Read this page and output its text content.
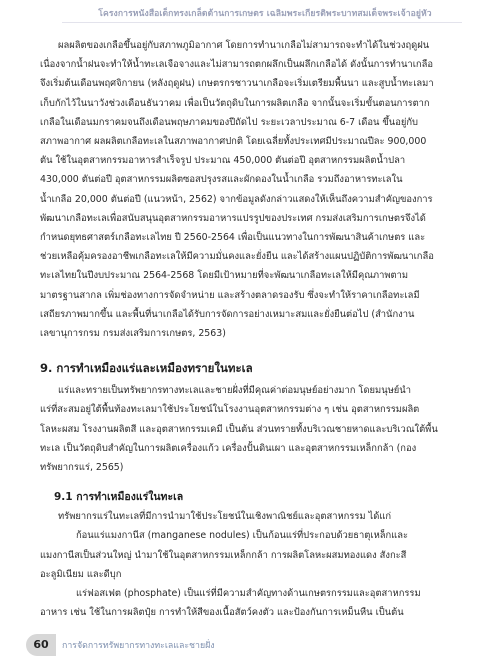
โครงการหนังสือเด็กทรงเกล็ดด้านการเกษตร เฉลิมพระเกียรติพระบาทสมเด็จพระเจ้าอยู่หัว

ผลผลิตของเกลือขึ้นอยู่กับสภาพภูมิอากาศ โดยการทำนาเกลือไม่สามารถจะทำได้ในช่วงฤดูฝน
เนื่องจากน้ำฝนจะทำให้น้ำทะเลเจือจางและไม่สามารถตกผลึกเป็นผลึกเกลือได้ ดังนั้นการทำนาเกลือ
จึงเริ่มต้นเดือนพฤศจิกายน (หลังฤดูฝน) เกษตรกรชาวนาเกลือจะเริ่มเตรียมพื้นนา และสูบน้ำทะเลมา
เก็บกักไว้ในนาวังช่วงเดือนธันวาคม เพื่อเป็นวัตถุดิบในการผลิตเกลือ จากนั้นจะเริ่มขั้นตอนการตาก
เกลือในเดือนมกราคมจนถึงเดือนพฤษภาคมของปีถัดไป ระยะเวลาประมาณ 6-7 เดือน ขึ้นอยู่กับ
สภาพอากาศ ผลผลิตเกลือทะเลในสภาพอากาศปกติ โดยเฉลี่ยทั้งประเทศมีประมาณปีละ 900,000
ตัน ใช้ในอุตสาหกรรมอาหารสำเร็จรูป ประมาณ 450,000 ตันต่อปี อุตสาหกรรมผลิตน้ำปลา
430,000 ตันต่อปี อุตสาหกรรมผลิตซอสปรุงรสและผักดองในน้ำเกลือ รวมถึงอาหารทะเลใน
น้ำเกลือ 20,000 ตันต่อปี (แนวหน้า, 2562) จากข้อมูลดังกล่าวแสดงให้เห็นถึงความสำคัญของการ
พัฒนาเกลือทะเลเพื่อสนับสนุนอุตสาหกรรมอาหารแปรรูปของประเทศ กรมส่งเสริมการเกษตรจึงได้
กำหนดยุทธศาสตร์เกลือทะเลไทย ปี 2560-2564 เพื่อเป็นแนวทางในการพัฒนาสินค้าเกษตร และ
ช่วยเหลือคุ้มครองอาชีพเกลือทะเลให้มีความมั่นคงและยั่งยืน และได้สร้างแผนปฏิบัติการพัฒนาเกลือ
ทะเลไทยในปีงบประมาณ 2564-2568 โดยมีเป้าหมายที่จะพัฒนาเกลือทะเลให้มีคุณภาพตาม
มาตรฐานสากล เพิ่มช่องทางการจัดจำหน่าย และสร้างตลาดรองรับ ซึ่งจะทำให้ราคาเกลือทะเลมี
เสถียรภาพมากขึ้น และพื้นที่นาเกลือได้รับการจัดการอย่างเหมาะสมและยั่งยืนต่อไป (สำนักงาน
เลขานุการกรม กรมส่งเสริมการเกษตร, 2563)

9. การทำเหมืองแร่และเหมืองทรายในทะเล

แร่และทรายเป็นทรัพยากรทางทะเลและชายฝั่งที่มีคุณค่าต่อมนุษย์อย่างมาก โดยมนุษย์นำ
แร่ที่สะสมอยู่ใต้พื้นท้องทะเลมาใช้ประโยชน์ในโรงงานอุตสาหกรรมต่าง ๆ เช่น อุตสาหกรรมผลิต
โลหะผสม โรงงานผลิตสี และอุตสาหกรรมเคมี เป็นต้น ส่วนทรายทั้งบริเวณชายหาดและบริเวณใต้พื้น
ทะเล เป็นวัตถุดิบสำคัญในการผลิตเครื่องแก้ว เครื่องปั้นดินเผา และอุตสาหกรรมเหล็กกล้า (กอง
ทรัพยากรแร่, 2565)

9.1 การทำเหมืองแร่ในทะเล

ทรัพยากรแร่ในทะเลที่มีการนำมาใช้ประโยชน์ในเชิงพาณิชย์และอุตสาหกรรม ได้แก่
ก้อนแร่แมงกานีส (manganese nodules) เป็นก้อนแร่ที่ประกอบด้วยธาตุเหล็กและ
แมงกานีสเป็นส่วนใหญ่ นำมาใช้ในอุตสาหกรรมเหล็กกล้า การผลิตโลหะผสมทองแดง สังกะสี
อะลูมิเนียม และดีบุก
แร่ฟอสเฟต (phosphate) เป็นแร่ที่มีความสำคัญทางด้านเกษตรกรรมและอุตสาหกรรม
อาหาร เช่น ใช้ในการผลิตปุ๋ย การทำให้สีของเนื้อสัตว์คงตัว และป้องกันการเหม็นหืน เป็นต้น

60	การจัดการทรัพยากรทางทะเลและชายฝั่ง
